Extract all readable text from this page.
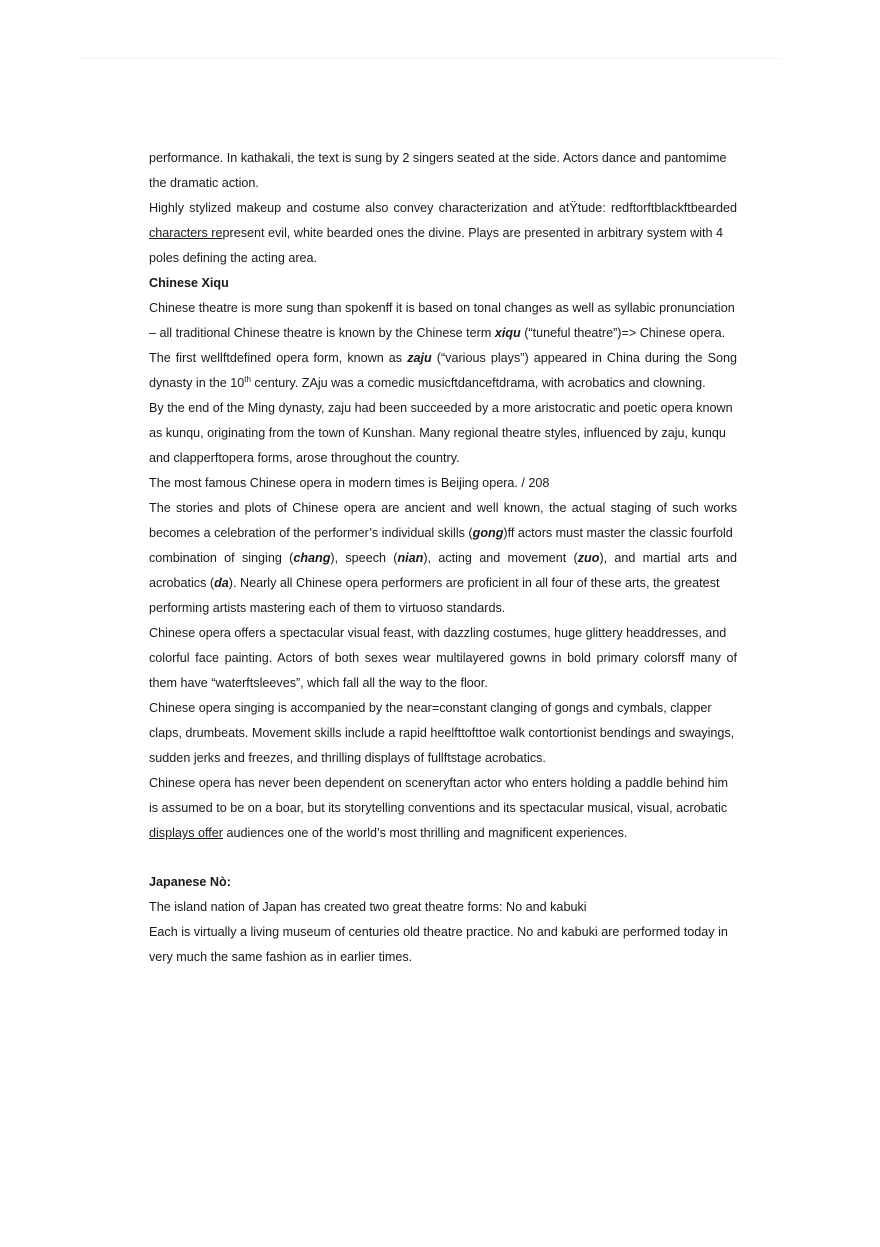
performance. In kathakali, the text is sung by 2 singers seated at the side. Actors dance and pantomime
the dramatic action.
Highly stylized makeup and costume also convey characterization and atŸtude: redftorftblackftbearded
characters represent evil, white bearded ones the divine. Plays are presented in arbitrary system with 4
poles defining the acting area.
Chinese Xiqu
Chinese theatre is more sung than spokenff it is based on tonal changes as well as syllabic pronunciation
– all traditional Chinese theatre is known by the Chinese term xiqu (“tuneful theatre”)=> Chinese opera.
The first wellftdefined opera form, known as zaju (“various plays”) appeared in China during the Song
dynasty in the 10th century. ZAju was a comedic musicftdanceftdrama, with acrobatics and clowning.
By the end of the Ming dynasty, zaju had been succeeded by a more aristocratic and poetic opera known
as kunqu, originating from the town of Kunshan. Many regional theatre styles, influenced by zaju, kunqu
and clapperftopera forms, arose throughout the country.
The most famous Chinese opera in modern times is Beijing opera. / 208
The stories and plots of Chinese opera are ancient and well known, the actual staging of such works
becomes a celebration of the performer’s individual skills (gong)ff actors must master the classic fourfold
combination of singing (chang), speech (nian), acting and movement (zuo), and martial arts and
acrobatics (da). Nearly all Chinese opera performers are proficient in all four of these arts, the greatest
performing artists mastering each of them to virtuoso standards.
Chinese opera offers a spectacular visual feast, with dazzling costumes, huge glittery headdresses, and
colorful face painting. Actors of both sexes wear multilayered gowns in bold primary colorsff many of
them have “waterftsleeves”, which fall all the way to the floor.
Chinese opera singing is accompanied by the near=constant clanging of gongs and cymbals, clapper
claps, drumbeats. Movement skills include a rapid heelfttofttoe walk contortionist bendings and swayings,
sudden jerks and freezes, and thrilling displays of fullftstage acrobatics.
Chinese opera has never been dependent on sceneryftan actor who enters holding a paddle behind him
is assumed to be on a boar, but its storytelling conventions and its spectacular musical, visual, acrobatic
displays offer audiences one of the world’s most thrilling and magnificent experiences.
Japanese Nò:
The island nation of Japan has created two great theatre forms: No and kabuki
Each is virtually a living museum of centuries old theatre practice. No and kabuki are performed today in
very much the same fashion as in earlier times.
